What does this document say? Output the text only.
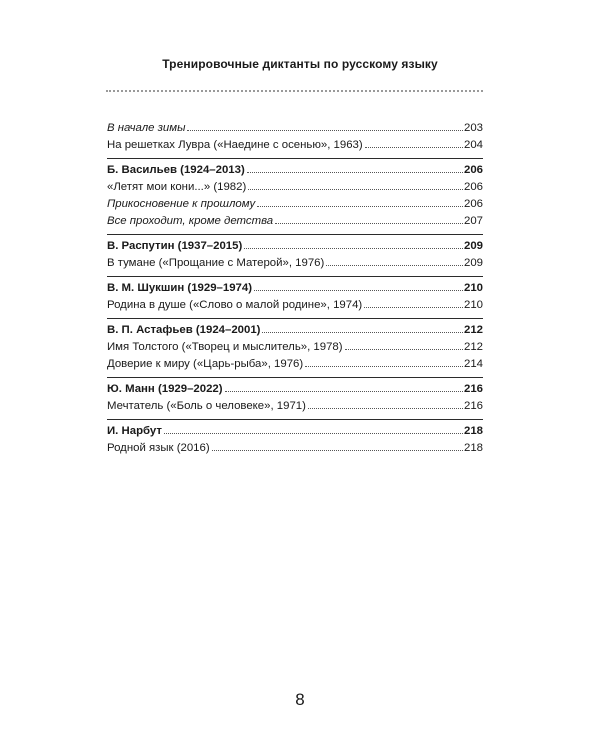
Тренировочные диктанты по русскому языку
В начале зимы	203
На решетках Лувра («Наедине с осенью», 1963)	204
Б. Васильев (1924–2013)	206
«Летят мои кони...» (1982)	206
Прикосновение к прошлому	206
Все проходит, кроме детства	207
В. Распутин (1937–2015)	209
В тумане («Прощание с Матерой», 1976)	209
В. М. Шукшин (1929–1974)	210
Родина в душе («Слово о малой родине», 1974)	210
В. П. Астафьев (1924–2001)	212
Имя Толстого («Творец и мыслитель», 1978)	212
Доверие к миру («Царь-рыба», 1976)	214
Ю. Манн (1929–2022)	216
Мечтатель («Боль о человеке», 1971)	216
И. Нарбут	218
Родной язык (2016)	218
8
